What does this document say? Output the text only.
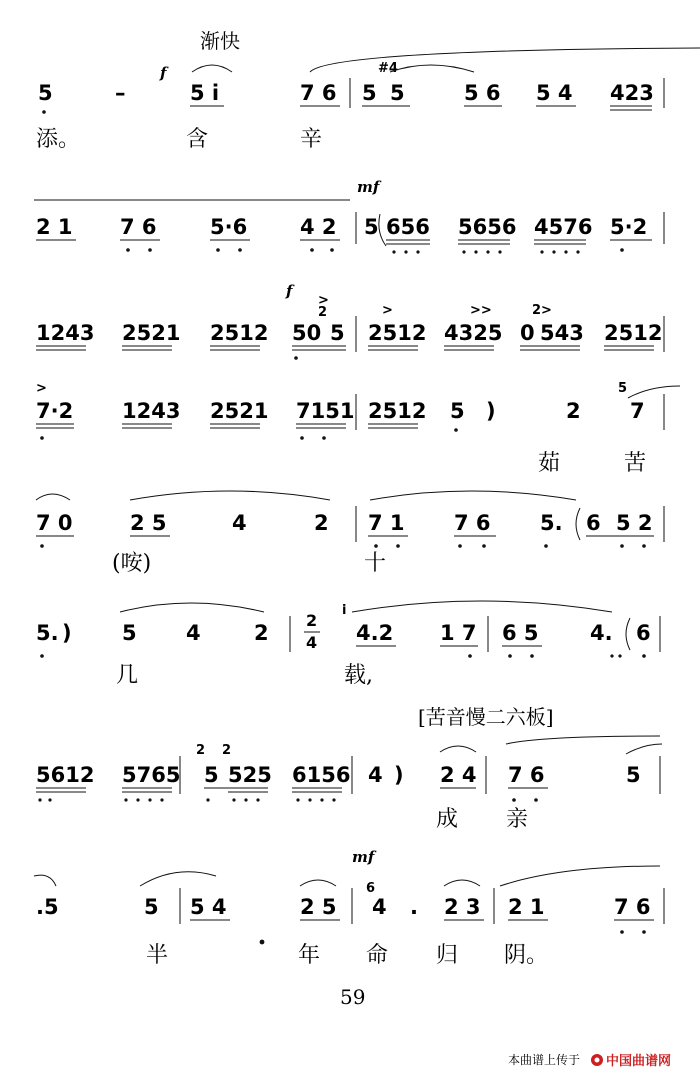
渐快
f	#4
5	–	5 i	7 6 5 5	5 6 5 4 423
添。	含	辛
mf
2 1 7 6	5·6	4 2 5 656 5656 4576 5·2
f
>
2	>	>>	2>
1243 2521 2512 50 5 2512 4325 0 543 2512
>	5
7·2 1243 2521 7151 2512 5 )	2 7
茹	苦
7 0	2 5	4	2 7 1 7 6 5. 6 5 2
(咹)	十
i
5. ) 5 4	2	4.2 1 7 6 5 4. 6
2
4
几	载,
[苦音慢二六板]
2 2
5612 5765 5 525 6156 4 ) 2 4 7 6	5
成 亲
mf
6
.5	5 5 4	2 5 4 . 2 3 2 1	7 6
半	年 命 归 阴。
59
本曲谱上传于 中国曲谱网
